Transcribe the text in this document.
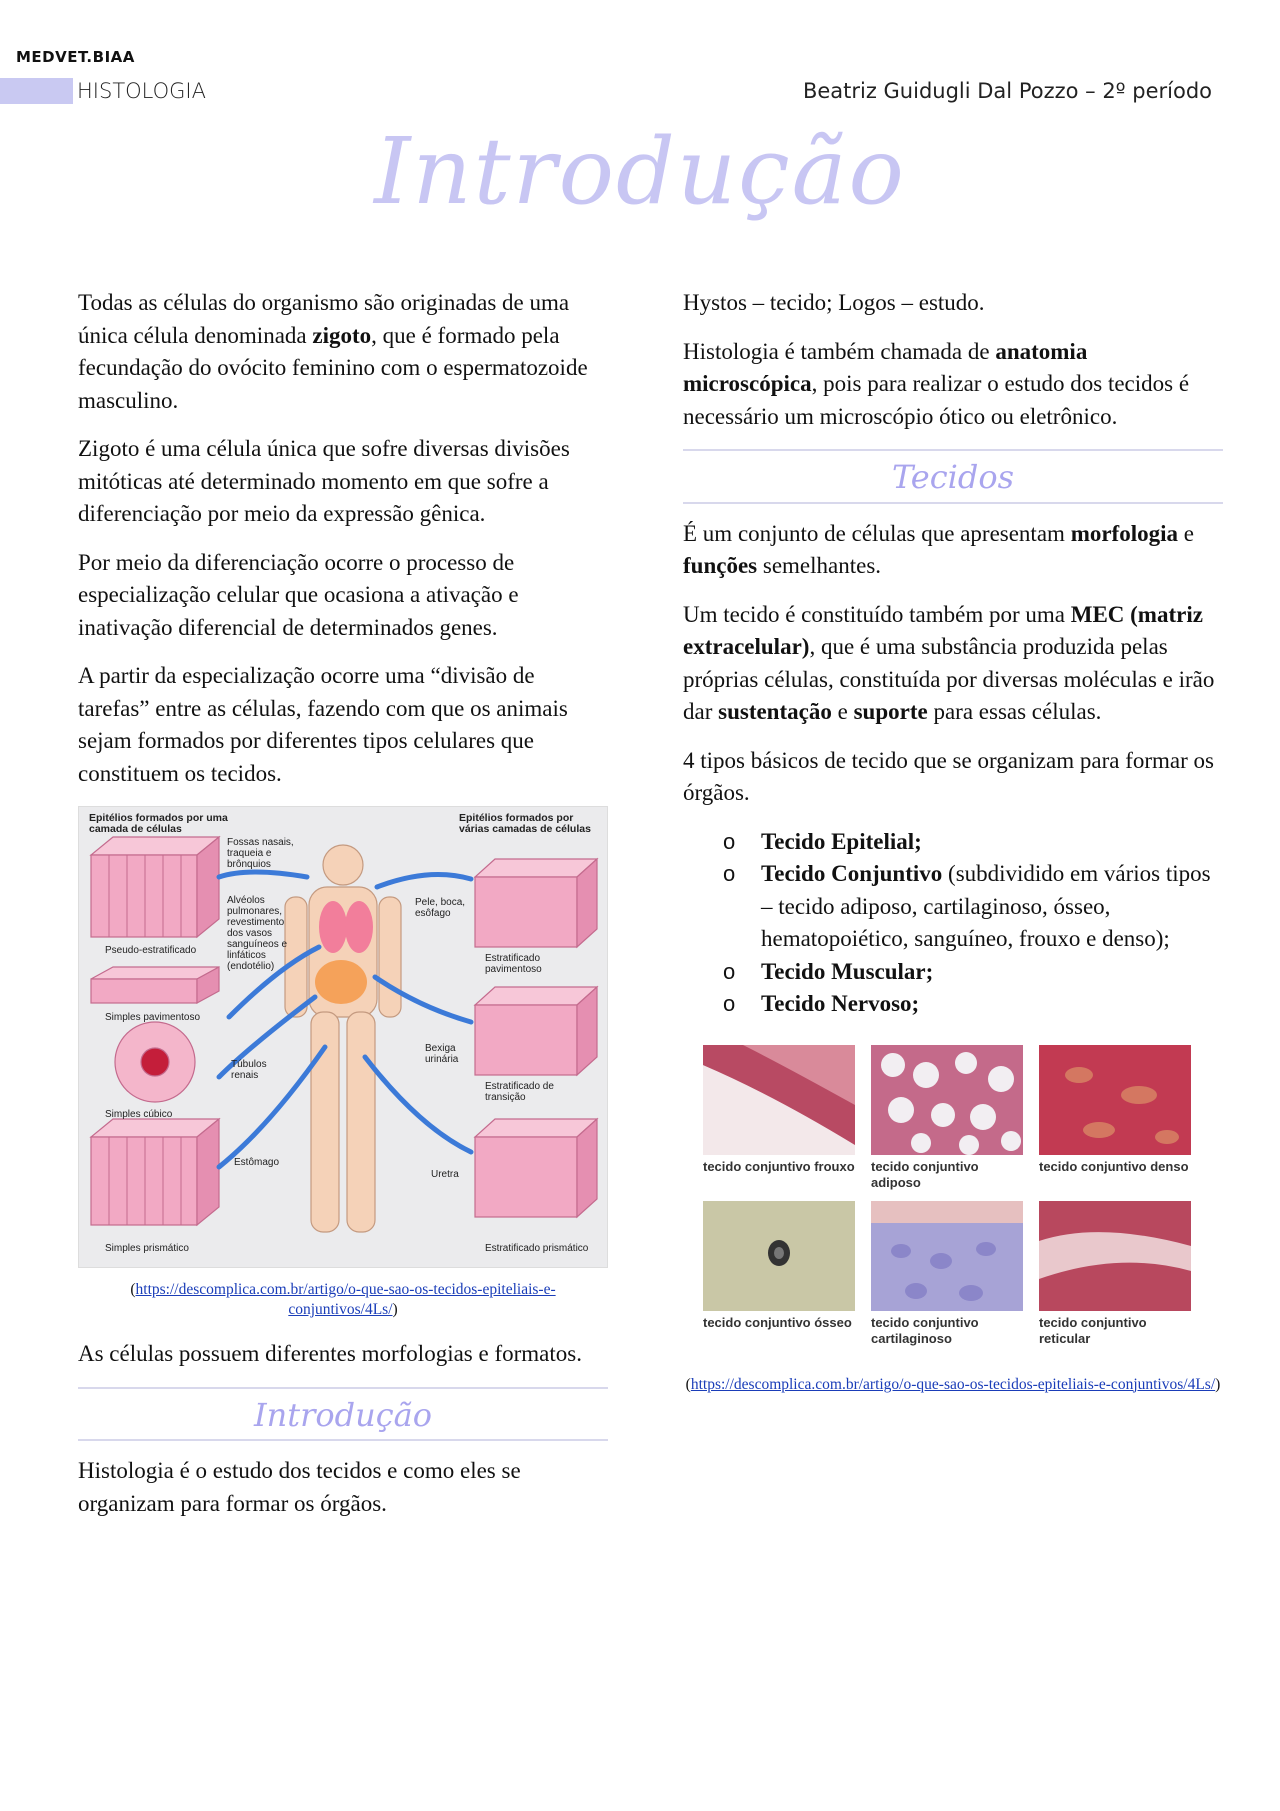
MEDVET.BIAA
HISTOLOGIA	Beatriz Guidugli Dal Pozzo – 2º período
Introdução

Todas as células do organismo são originadas de uma única célula denominada zigoto, que é formado pela fecundação do ovócito feminino com o espermatozoide masculino.

Zigoto é uma célula única que sofre diversas divisões mitóticas até determinado momento em que sofre a diferenciação por meio da expressão gênica.

Por meio da diferenciação ocorre o processo de especialização celular que ocasiona a ativação e inativação diferencial de determinados genes.

A partir da especialização ocorre uma “divisão de tarefas” entre as células, fazendo com que os animais sejam formados por diferentes tipos celulares que constituem os tecidos.

Epitélios formados por uma camada de células
Epitélios formados por várias camadas de células
Fossas nasais, traqueia e brônquios
Alvéolos pulmonares, revestimento dos vasos sanguíneos e linfáticos (endotélio)
Pele, boca, esôfago
Bexiga urinária
Túbulos renais
Estômago
Uretra
Pseudo-estratificado
Simples pavimentoso
Simples cúbico
Simples prismático
Estratificado pavimentoso
Estratificado de transição
Estratificado prismático
(https://descomplica.com.br/artigo/o-que-sao-os-tecidos-epiteliais-e-conjuntivos/4Ls/)

As células possuem diferentes morfologias e formatos.

Introdução

Histologia é o estudo dos tecidos e como eles se organizam para formar os órgãos.

Hystos – tecido; Logos – estudo.

Histologia é também chamada de anatomia microscópica, pois para realizar o estudo dos tecidos é necessário um microscópio ótico ou eletrônico.

Tecidos

É um conjunto de células que apresentam morfologia e funções semelhantes.

Um tecido é constituído também por uma MEC (matriz extracelular), que é uma substância produzida pelas próprias células, constituída por diversas moléculas e irão dar sustentação e suporte para essas células.

4 tipos básicos de tecido que se organizam para formar os órgãos.

o Tecido Epitelial;
o Tecido Conjuntivo (subdividido em vários tipos – tecido adiposo, cartilaginoso, ósseo, hematopoiético, sanguíneo, frouxo e denso);
o Tecido Muscular;
o Tecido Nervoso;
tecido conjuntivo frouxo tecido conjuntivo adiposo
tecido conjuntivo denso
tecido conjuntivo ósseo tecido conjuntivo cartilaginoso
tecido conjuntivo reticular
(https://descomplica.com.br/artigo/o-que-sao-os-tecidos-epiteliais-e-conjuntivos/4Ls/)
